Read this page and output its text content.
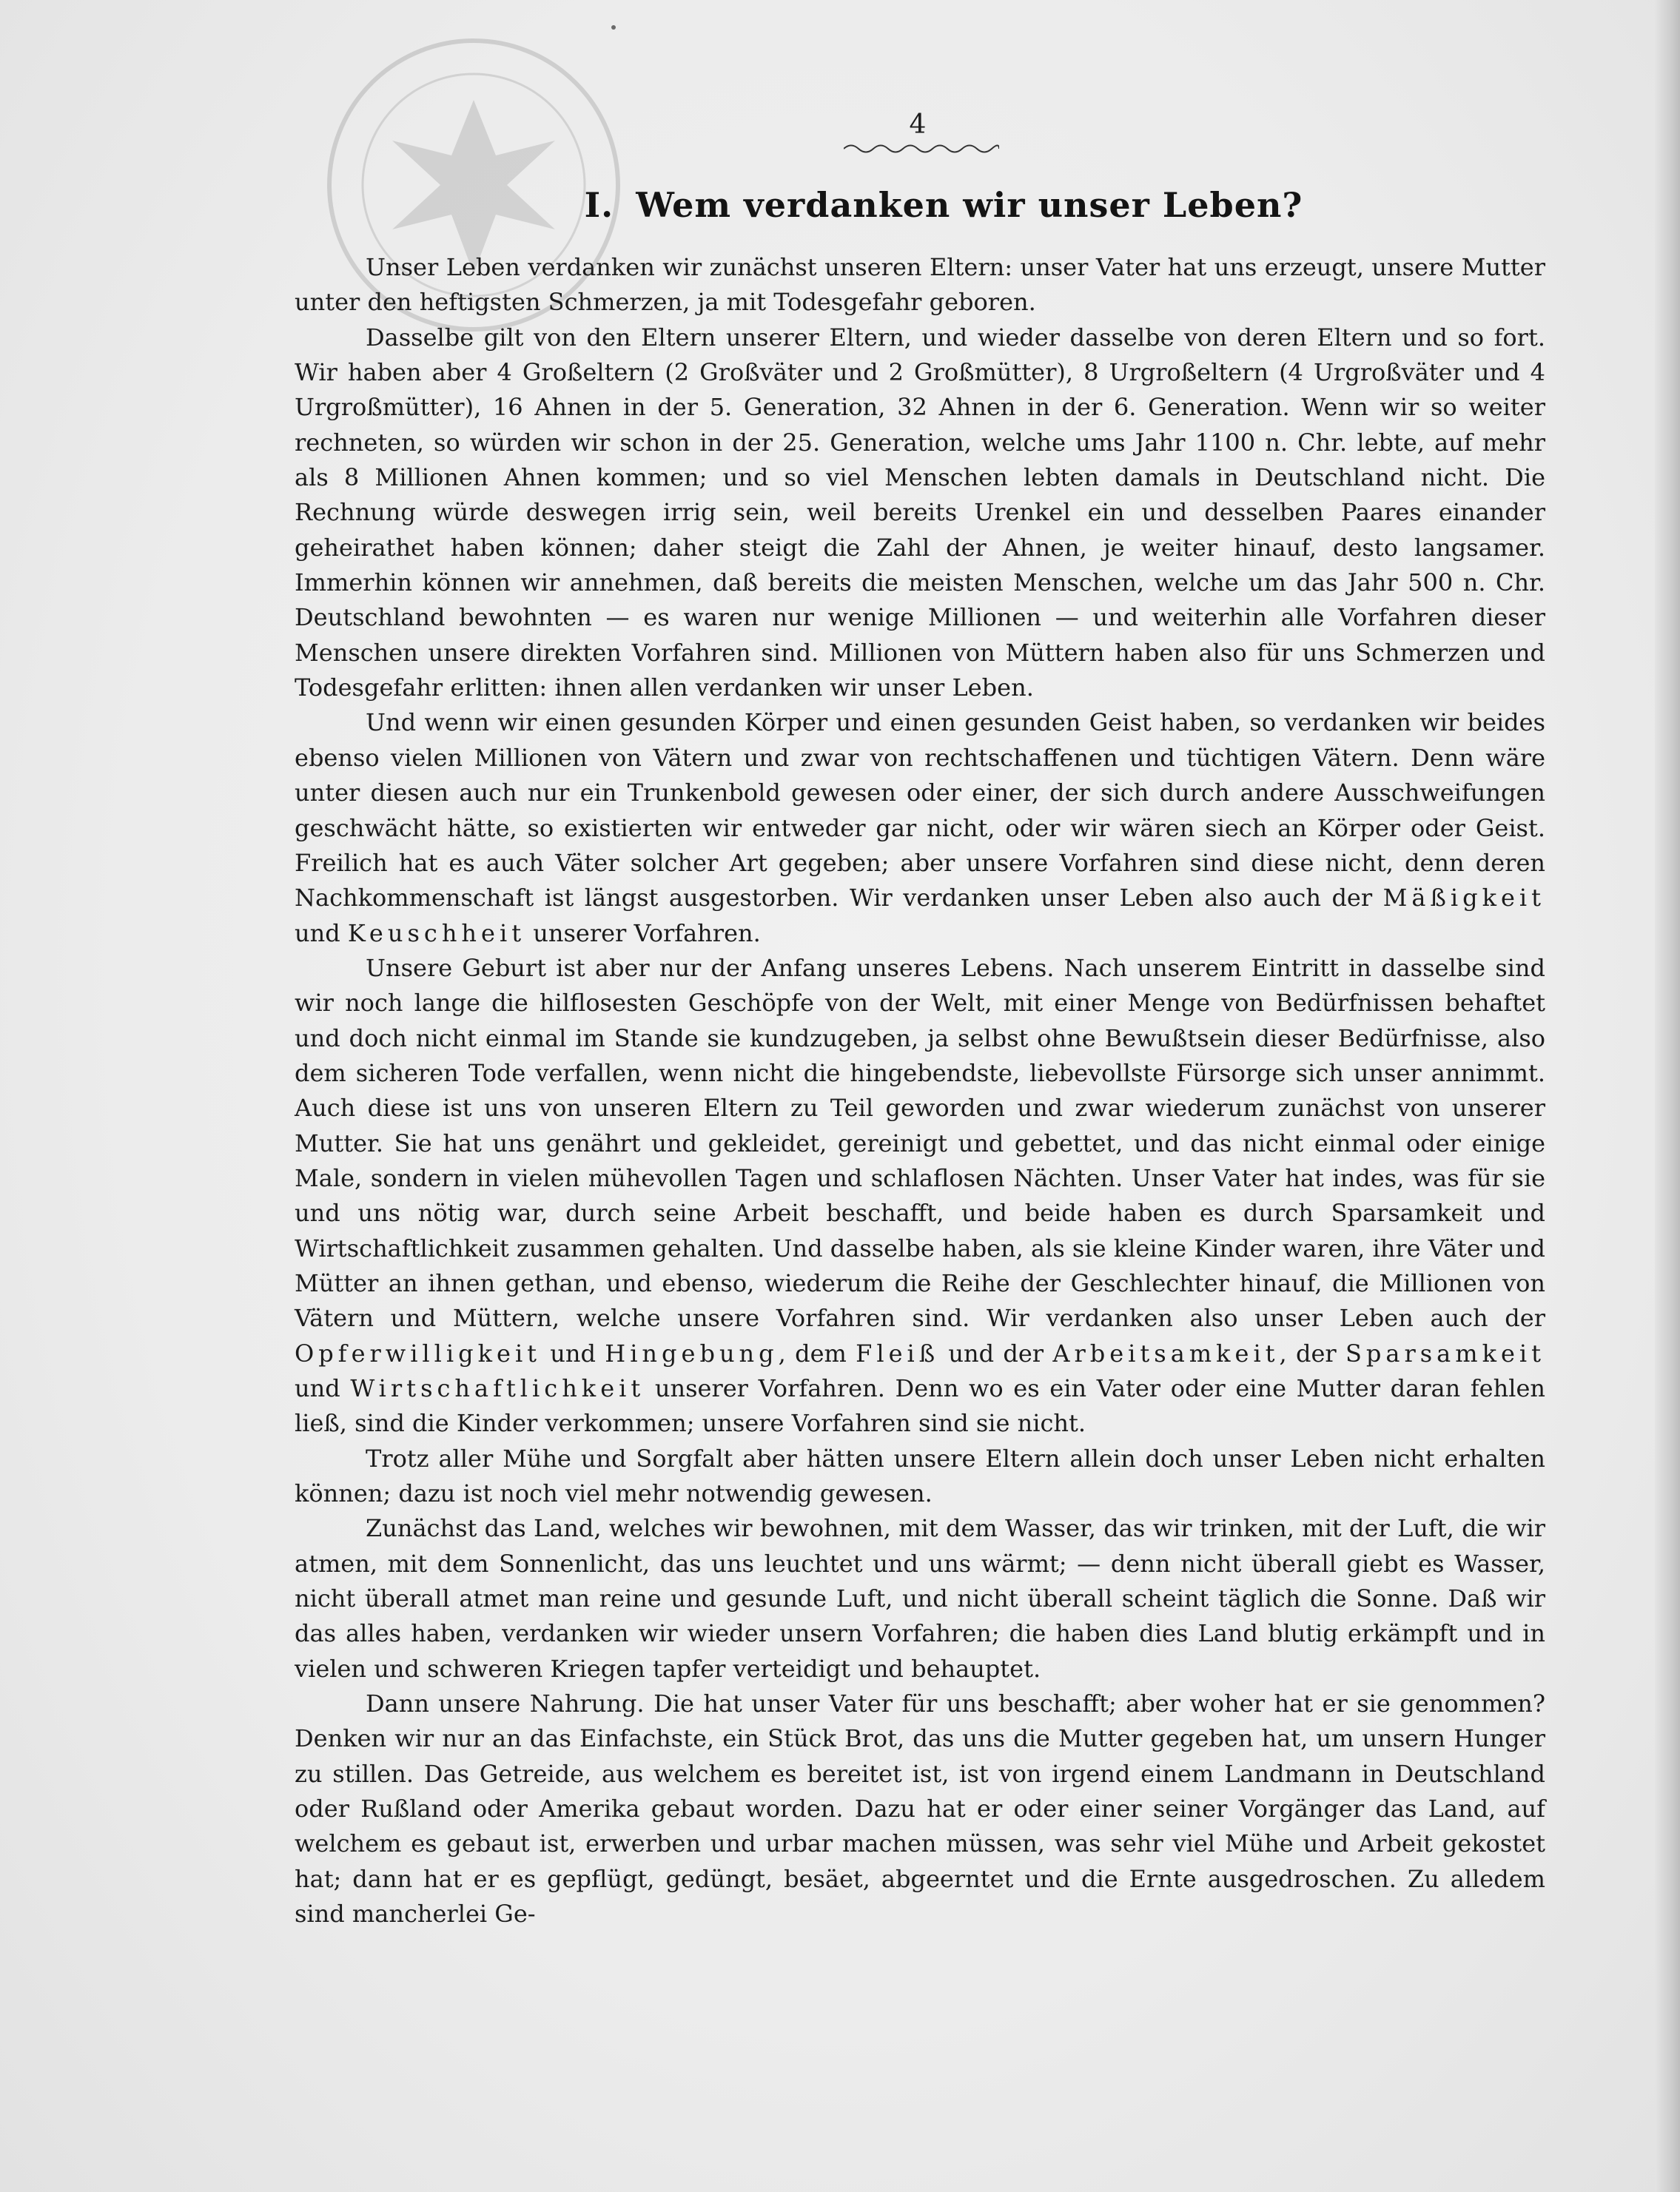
4
I. Wem verdanken wir unser Leben?

Unser Leben verdanken wir zunächst unseren Eltern: unser Vater hat uns erzeugt, unsere Mutter unter den heftigsten Schmerzen, ja mit Todesgefahr geboren.

Dasselbe gilt von den Eltern unserer Eltern, und wieder dasselbe von deren Eltern und so fort. Wir haben aber 4 Großeltern (2 Großväter und 2 Großmütter), 8 Urgroßeltern (4 Urgroßväter und 4 Urgroßmütter), 16 Ahnen in der 5. Generation, 32 Ahnen in der 6. Generation. Wenn wir so weiter rechneten, so würden wir schon in der 25. Generation, welche ums Jahr 1100 n. Chr. lebte, auf mehr als 8 Millionen Ahnen kommen; und so viel Menschen lebten damals in Deutschland nicht. Die Rechnung würde deswegen irrig sein, weil bereits Urenkel ein und desselben Paares einander geheirathet haben können; daher steigt die Zahl der Ahnen, je weiter hinauf, desto langsamer. Immerhin können wir annehmen, daß bereits die meisten Menschen, welche um das Jahr 500 n. Chr. Deutschland bewohnten — es waren nur wenige Millionen — und weiterhin alle Vorfahren dieser Menschen unsere direkten Vorfahren sind. Millionen von Müttern haben also für uns Schmerzen und Todesgefahr erlitten: ihnen allen verdanken wir unser Leben.

Und wenn wir einen gesunden Körper und einen gesunden Geist haben, so verdanken wir beides ebenso vielen Millionen von Vätern und zwar von rechtschaffenen und tüchtigen Vätern. Denn wäre unter diesen auch nur ein Trunkenbold gewesen oder einer, der sich durch andere Ausschweifungen geschwächt hätte, so existierten wir entweder gar nicht, oder wir wären siech an Körper oder Geist. Freilich hat es auch Väter solcher Art gegeben; aber unsere Vorfahren sind diese nicht, denn deren Nachkommenschaft ist längst ausgestorben. Wir verdanken unser Leben also auch der Mäßigkeit und Keuschheit unserer Vorfahren.

Unsere Geburt ist aber nur der Anfang unseres Lebens. Nach unserem Eintritt in dasselbe sind wir noch lange die hilflosesten Geschöpfe von der Welt, mit einer Menge von Bedürfnissen behaftet und doch nicht einmal im Stande sie kundzugeben, ja selbst ohne Bewußtsein dieser Bedürfnisse, also dem sicheren Tode verfallen, wenn nicht die hingebendste, liebevollste Fürsorge sich unser annimmt. Auch diese ist uns von unseren Eltern zu Teil geworden und zwar wiederum zunächst von unserer Mutter. Sie hat uns genährt und gekleidet, gereinigt und gebettet, und das nicht einmal oder einige Male, sondern in vielen mühevollen Tagen und schlaflosen Nächten. Unser Vater hat indes, was für sie und uns nötig war, durch seine Arbeit beschafft, und beide haben es durch Sparsamkeit und Wirtschaftlichkeit zusammen gehalten. Und dasselbe haben, als sie kleine Kinder waren, ihre Väter und Mütter an ihnen gethan, und ebenso, wiederum die Reihe der Geschlechter hinauf, die Millionen von Vätern und Müttern, welche unsere Vorfahren sind. Wir verdanken also unser Leben auch der Opferwilligkeit und Hingebung, dem Fleiß und der Arbeitsamkeit, der Sparsamkeit und Wirtschaftlichkeit unserer Vorfahren. Denn wo es ein Vater oder eine Mutter daran fehlen ließ, sind die Kinder verkommen; unsere Vorfahren sind sie nicht.

Trotz aller Mühe und Sorgfalt aber hätten unsere Eltern allein doch unser Leben nicht erhalten können; dazu ist noch viel mehr notwendig gewesen.

Zunächst das Land, welches wir bewohnen, mit dem Wasser, das wir trinken, mit der Luft, die wir atmen, mit dem Sonnenlicht, das uns leuchtet und uns wärmt; — denn nicht überall giebt es Wasser, nicht überall atmet man reine und gesunde Luft, und nicht überall scheint täglich die Sonne. Daß wir das alles haben, verdanken wir wieder unsern Vorfahren; die haben dies Land blutig erkämpft und in vielen und schweren Kriegen tapfer verteidigt und behauptet.

Dann unsere Nahrung. Die hat unser Vater für uns beschafft; aber woher hat er sie genommen? Denken wir nur an das Einfachste, ein Stück Brot, das uns die Mutter gegeben hat, um unsern Hunger zu stillen. Das Getreide, aus welchem es bereitet ist, ist von irgend einem Landmann in Deutschland oder Rußland oder Amerika gebaut worden. Dazu hat er oder einer seiner Vorgänger das Land, auf welchem es gebaut ist, erwerben und urbar machen müssen, was sehr viel Mühe und Arbeit gekostet hat; dann hat er es gepflügt, gedüngt, besäet, abgeerntet und die Ernte ausgedroschen. Zu alledem sind mancherlei Ge-
